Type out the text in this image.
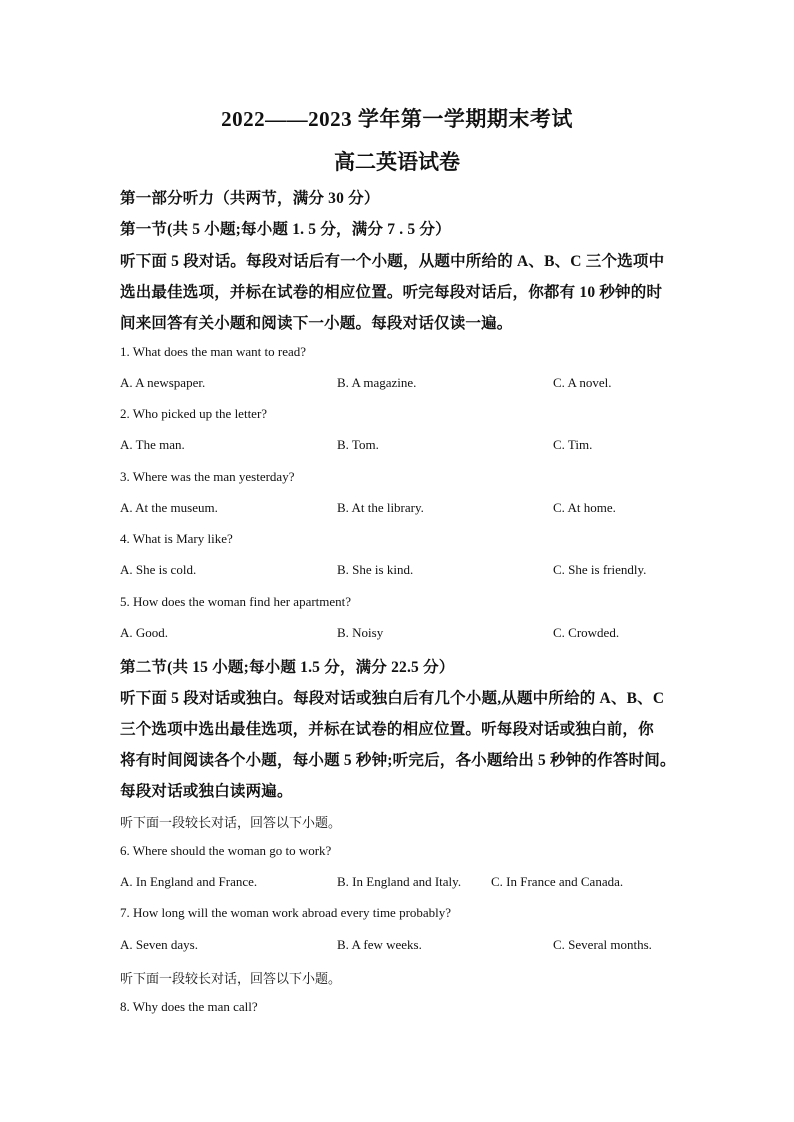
2022——2023 学年第一学期期末考试
高二英语试卷
第一部分听力（共两节，满分 30 分）
第一节(共 5 小题;每小题 1. 5 分，满分 7 . 5 分）
听下面 5 段对话。每段对话后有一个小题，从题中所给的 A、B、C 三个选项中
选出最佳选项，并标在试卷的相应位置。听完每段对话后，你都有 10 秒钟的时
间来回答有关小题和阅读下一小题。每段对话仅读一遍。
1. What does the man want to read?
A. A newspaper.	B. A magazine.	C. A novel.
2. Who picked up the letter?
A. The man.	B. Tom.	C. Tim.
3. Where was the man yesterday?
A. At the museum.	B. At the library.	C. At home.
4. What is Mary like?
A. She is cold.	B. She is kind.	C. She is friendly.
5. How does the woman find her apartment?
A. Good.	B. Noisy	C. Crowded.
第二节(共 15 小题;每小题 1.5 分，满分 22.5 分）
听下面 5 段对话或独白。每段对话或独白后有几个小题,从题中所给的 A、B、C
三个选项中选出最佳选项，并标在试卷的相应位置。听每段对话或独白前，你
将有时间阅读各个小题，每小题 5 秒钟;听完后，各小题给出 5 秒钟的作答时间。
每段对话或独白读两遍。
听下面一段较长对话，回答以下小题。
6. Where should the woman go to work?
A. In England and France.	B. In England and Italy. C. In France and Canada.
7. How long will the woman work abroad every time probably?
A. Seven days.	B. A few weeks.	C. Several months.
听下面一段较长对话，回答以下小题。
8. Why does the man call?
